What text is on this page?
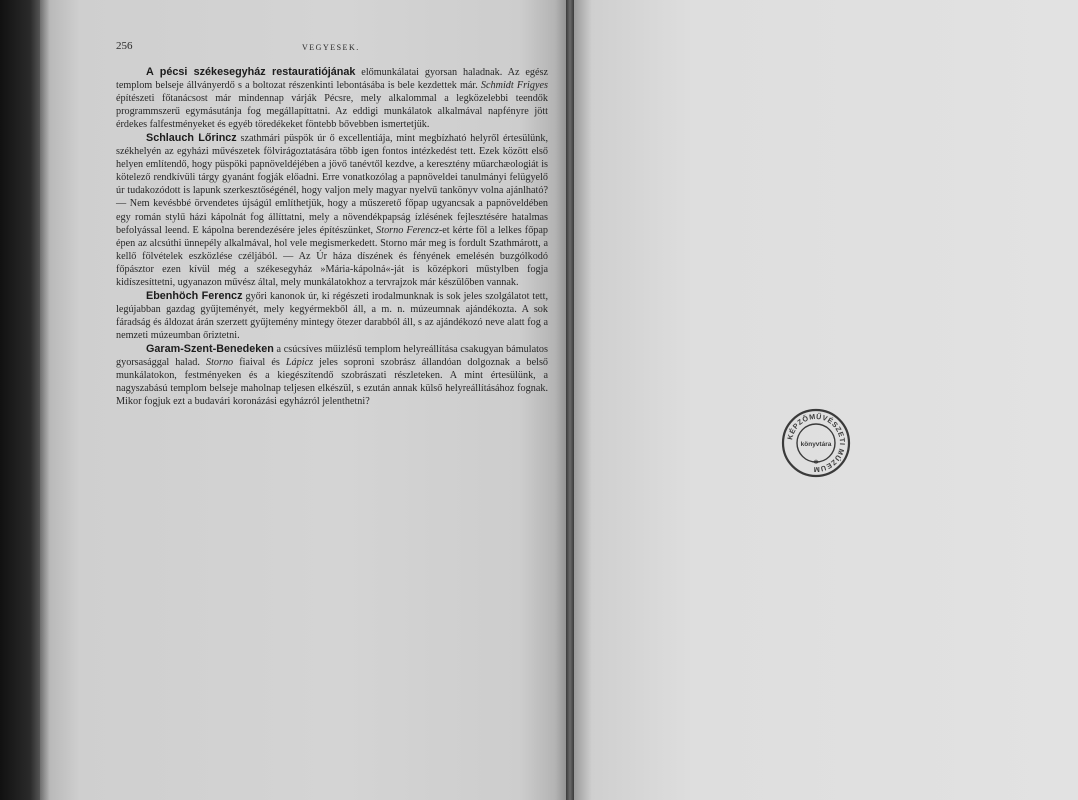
256	VEGYESEK.

A pécsi székesegyház restauratiójának előmunkálatai gyorsan haladnak. Az egész templom belseje állványerdő s a boltozat részenkinti lebontásába is bele kezdettek már. Schmidt Frigyes építészeti főtanácsost már mindennap várják Pécsre, mely alkalommal a legközelebbi teendők programmszerű egymásutánja fog megállapíttatni. Az eddigi munkálatok alkalmával napfényre jött érdekes falfestményeket és egyéb töredékeket föntebb bővebben ismertetjük.

Schlauch Lőrincz szathmári püspök úr ő excellentiája, mint megbízható helyről értesülünk, székhelyén az egyházi művészetek fölvirágoztatására több igen fontos intézkedést tett. Ezek között első helyen említendő, hogy püspöki papnöveldéjében a jövő tanévtől kezdve, a keresztény műarchæologiát is kötelező rendkívüli tárgy gyanánt fogják előadni. Erre vonatkozólag a papnöveldei tanulmányi felügyelő úr tudakozódott is lapunk szerkesztőségénél, hogy valjon mely magyar nyelvű tankönyv volna ajánlható? — Nem kevésbbé örvendetes újságúl említhetjük, hogy a műszerető főpap ugyancsak a papnöveldében egy román stylű házi kápolnát fog állíttatni, mely a növendékpapság ízlésének fejlesztésére hatalmas befolyással leend. E kápolna berendezésére jeles építészünket, Storno Ferencz-et kérte föl a lelkes főpap épen az alcsúthi ünnepély alkalmával, hol vele megismerkedett. Storno már meg is fordult Szathmárott, a kellő fölvételek eszközlése czéljából. — Az Úr háza díszének és fényének emelésén buzgólkodó főpásztor ezen kívül még a székesegyház »Mária-kápolná«-ját is középkori műstylben fogja kidíszesíttetni, ugyanazon művész által, mely munkálatokhoz a tervrajzok már készülőben vannak.

Ebenhöch Ferencz győri kanonok úr, ki régészeti irodalmunknak is sok jeles szolgálatot tett, legújabban gazdag gyűjteményét, mely kegyérmekből áll, a m. n. múzeumnak ajándékozta. A sok fáradság és áldozat árán szerzett gyűjtemény mintegy ötezer darabból áll, s az ajándékozó neve alatt fog a nemzeti múzeumban őriztetni.

Garam-Szent-Benedeken a csúcsíves műizlésű templom helyreállítása csakugyan bámulatos gyorsasággal halad. Storno fiaival és Lápicz jeles soproni szobrász állandóan dolgoznak a belső munkálatokon, festményeken és a kiegészítendő szobrászati részleteken. A mint értesülünk, a nagyszabású templom belseje maholnap teljesen elkészül, s ezután annak külső helyreállításához fognak. Mikor fogjuk ezt a budavári koronázási egyházról jelenthetni?

KÉPZŐMŰVÉSZETI MÚZEUM
könyvtára
✱
